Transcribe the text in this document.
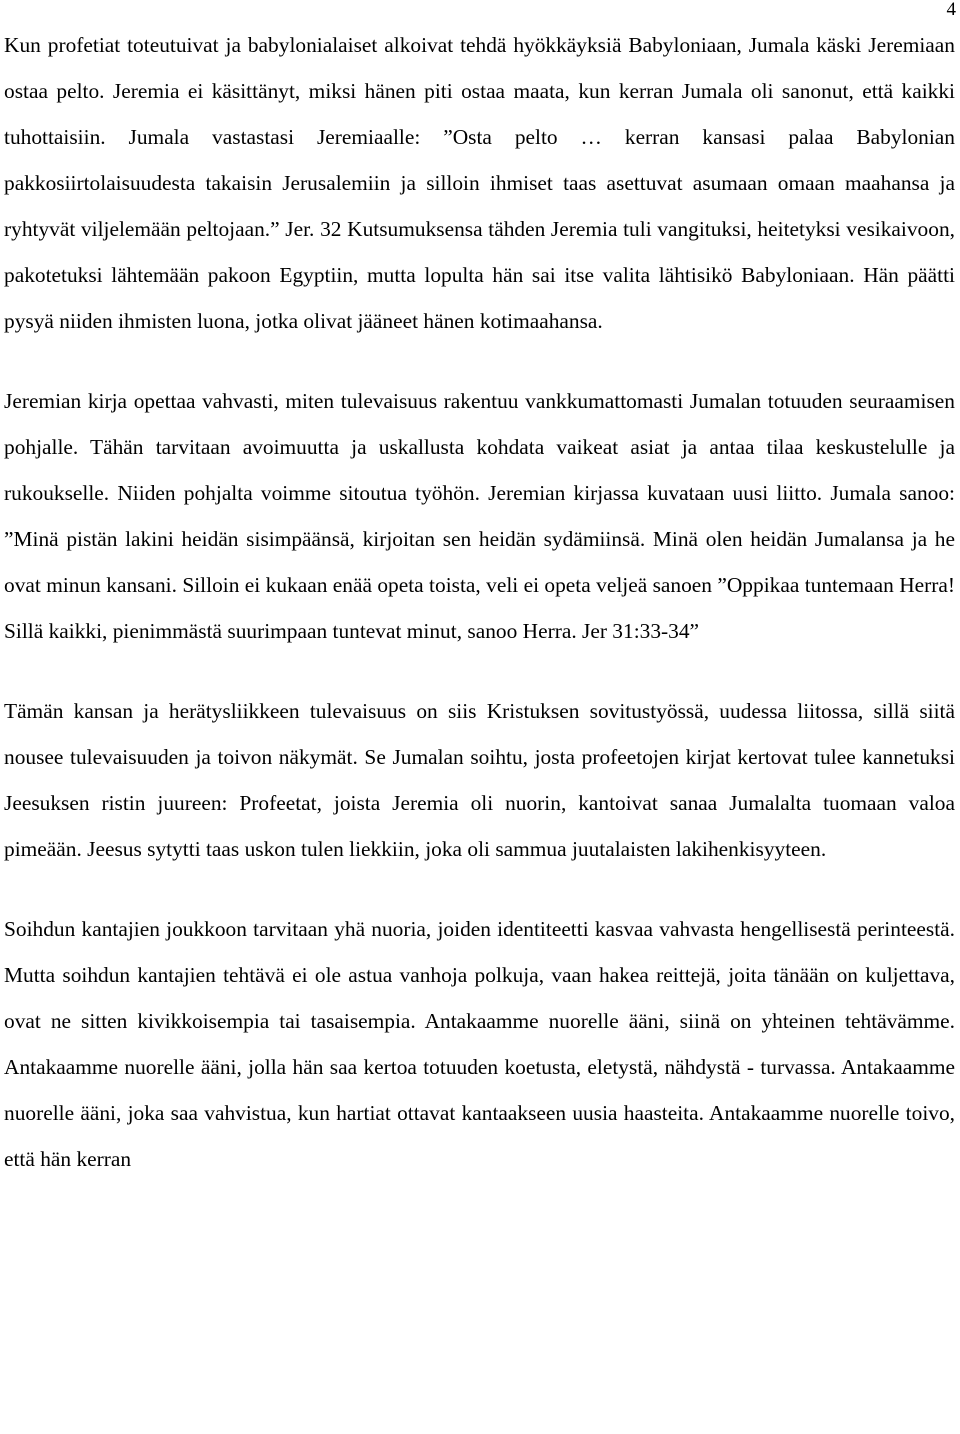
4

Kun profetiat toteutuivat ja babylonialaiset alkoivat tehdä hyökkäyksiä Babyloniaan, Jumala käski Jeremiaan ostaa pelto. Jeremia ei käsittänyt, miksi hänen piti ostaa maata, kun kerran Jumala oli sanonut, että kaikki tuhottaisiin. Jumala vastastasi Jeremiaalle: ”Osta pelto … kerran kansasi palaa Babylonian pakkosiirtolaisuudesta takaisin Jerusalemiin ja silloin ihmiset taas asettuvat asumaan omaan maahansa ja ryhtyvät viljelemään peltojaan.” Jer. 32 Kutsumuksensa tähden Jeremia tuli vangituksi, heitetyksi vesikaivoon, pakotetuksi lähtemään pakoon Egyptiin, mutta lopulta hän sai itse valita lähtisikö Babyloniaan. Hän päätti pysyä niiden ihmisten luona, jotka olivat jääneet hänen kotimaahansa.

Jeremian kirja opettaa vahvasti, miten tulevaisuus rakentuu vankkumattomasti Jumalan totuuden seuraamisen pohjalle. Tähän tarvitaan avoimuutta ja uskallusta kohdata vaikeat asiat ja antaa tilaa keskustelulle ja rukoukselle. Niiden pohjalta voimme sitoutua työhön. Jeremian kirjassa kuvataan uusi liitto. Jumala sanoo: ”Minä pistän lakini heidän sisimpäänsä, kirjoitan sen heidän sydämiinsä. Minä olen heidän Jumalansa ja he ovat minun kansani. Silloin ei kukaan enää opeta toista, veli ei opeta veljeä sanoen ”Oppikaa tuntemaan Herra! Sillä kaikki, pienimmästä suurimpaan tuntevat minut, sanoo Herra. Jer 31:33-34”

Tämän kansan ja herätysliikkeen tulevaisuus on siis Kristuksen sovitustyössä, uudessa liitossa, sillä siitä nousee tulevaisuuden ja toivon näkymät. Se Jumalan soihtu, josta profeetojen kirjat kertovat tulee kannetuksi Jeesuksen ristin juureen: Profeetat, joista Jeremia oli nuorin, kantoivat sanaa Jumalalta tuomaan valoa pimeään. Jeesus sytytti taas uskon tulen liekkiin, joka oli sammua juutalaisten lakihenkisyyteen.

Soihdun kantajien joukkoon tarvitaan yhä nuoria, joiden identiteetti kasvaa vahvasta hengellisestä perinteestä. Mutta soihdun kantajien tehtävä ei ole astua vanhoja polkuja, vaan hakea reittejä, joita tänään on kuljettava, ovat ne sitten kivikkoisempia tai tasaisempia. Antakaamme nuorelle ääni, siinä on yhteinen tehtävämme. Antakaamme nuorelle ääni, jolla hän saa kertoa totuuden koetusta, eletystä, nähdystä - turvassa. Antakaamme nuorelle ääni, joka saa vahvistua, kun hartiat ottavat kantaakseen uusia haasteita. Antakaamme nuorelle toivo, että hän kerran
